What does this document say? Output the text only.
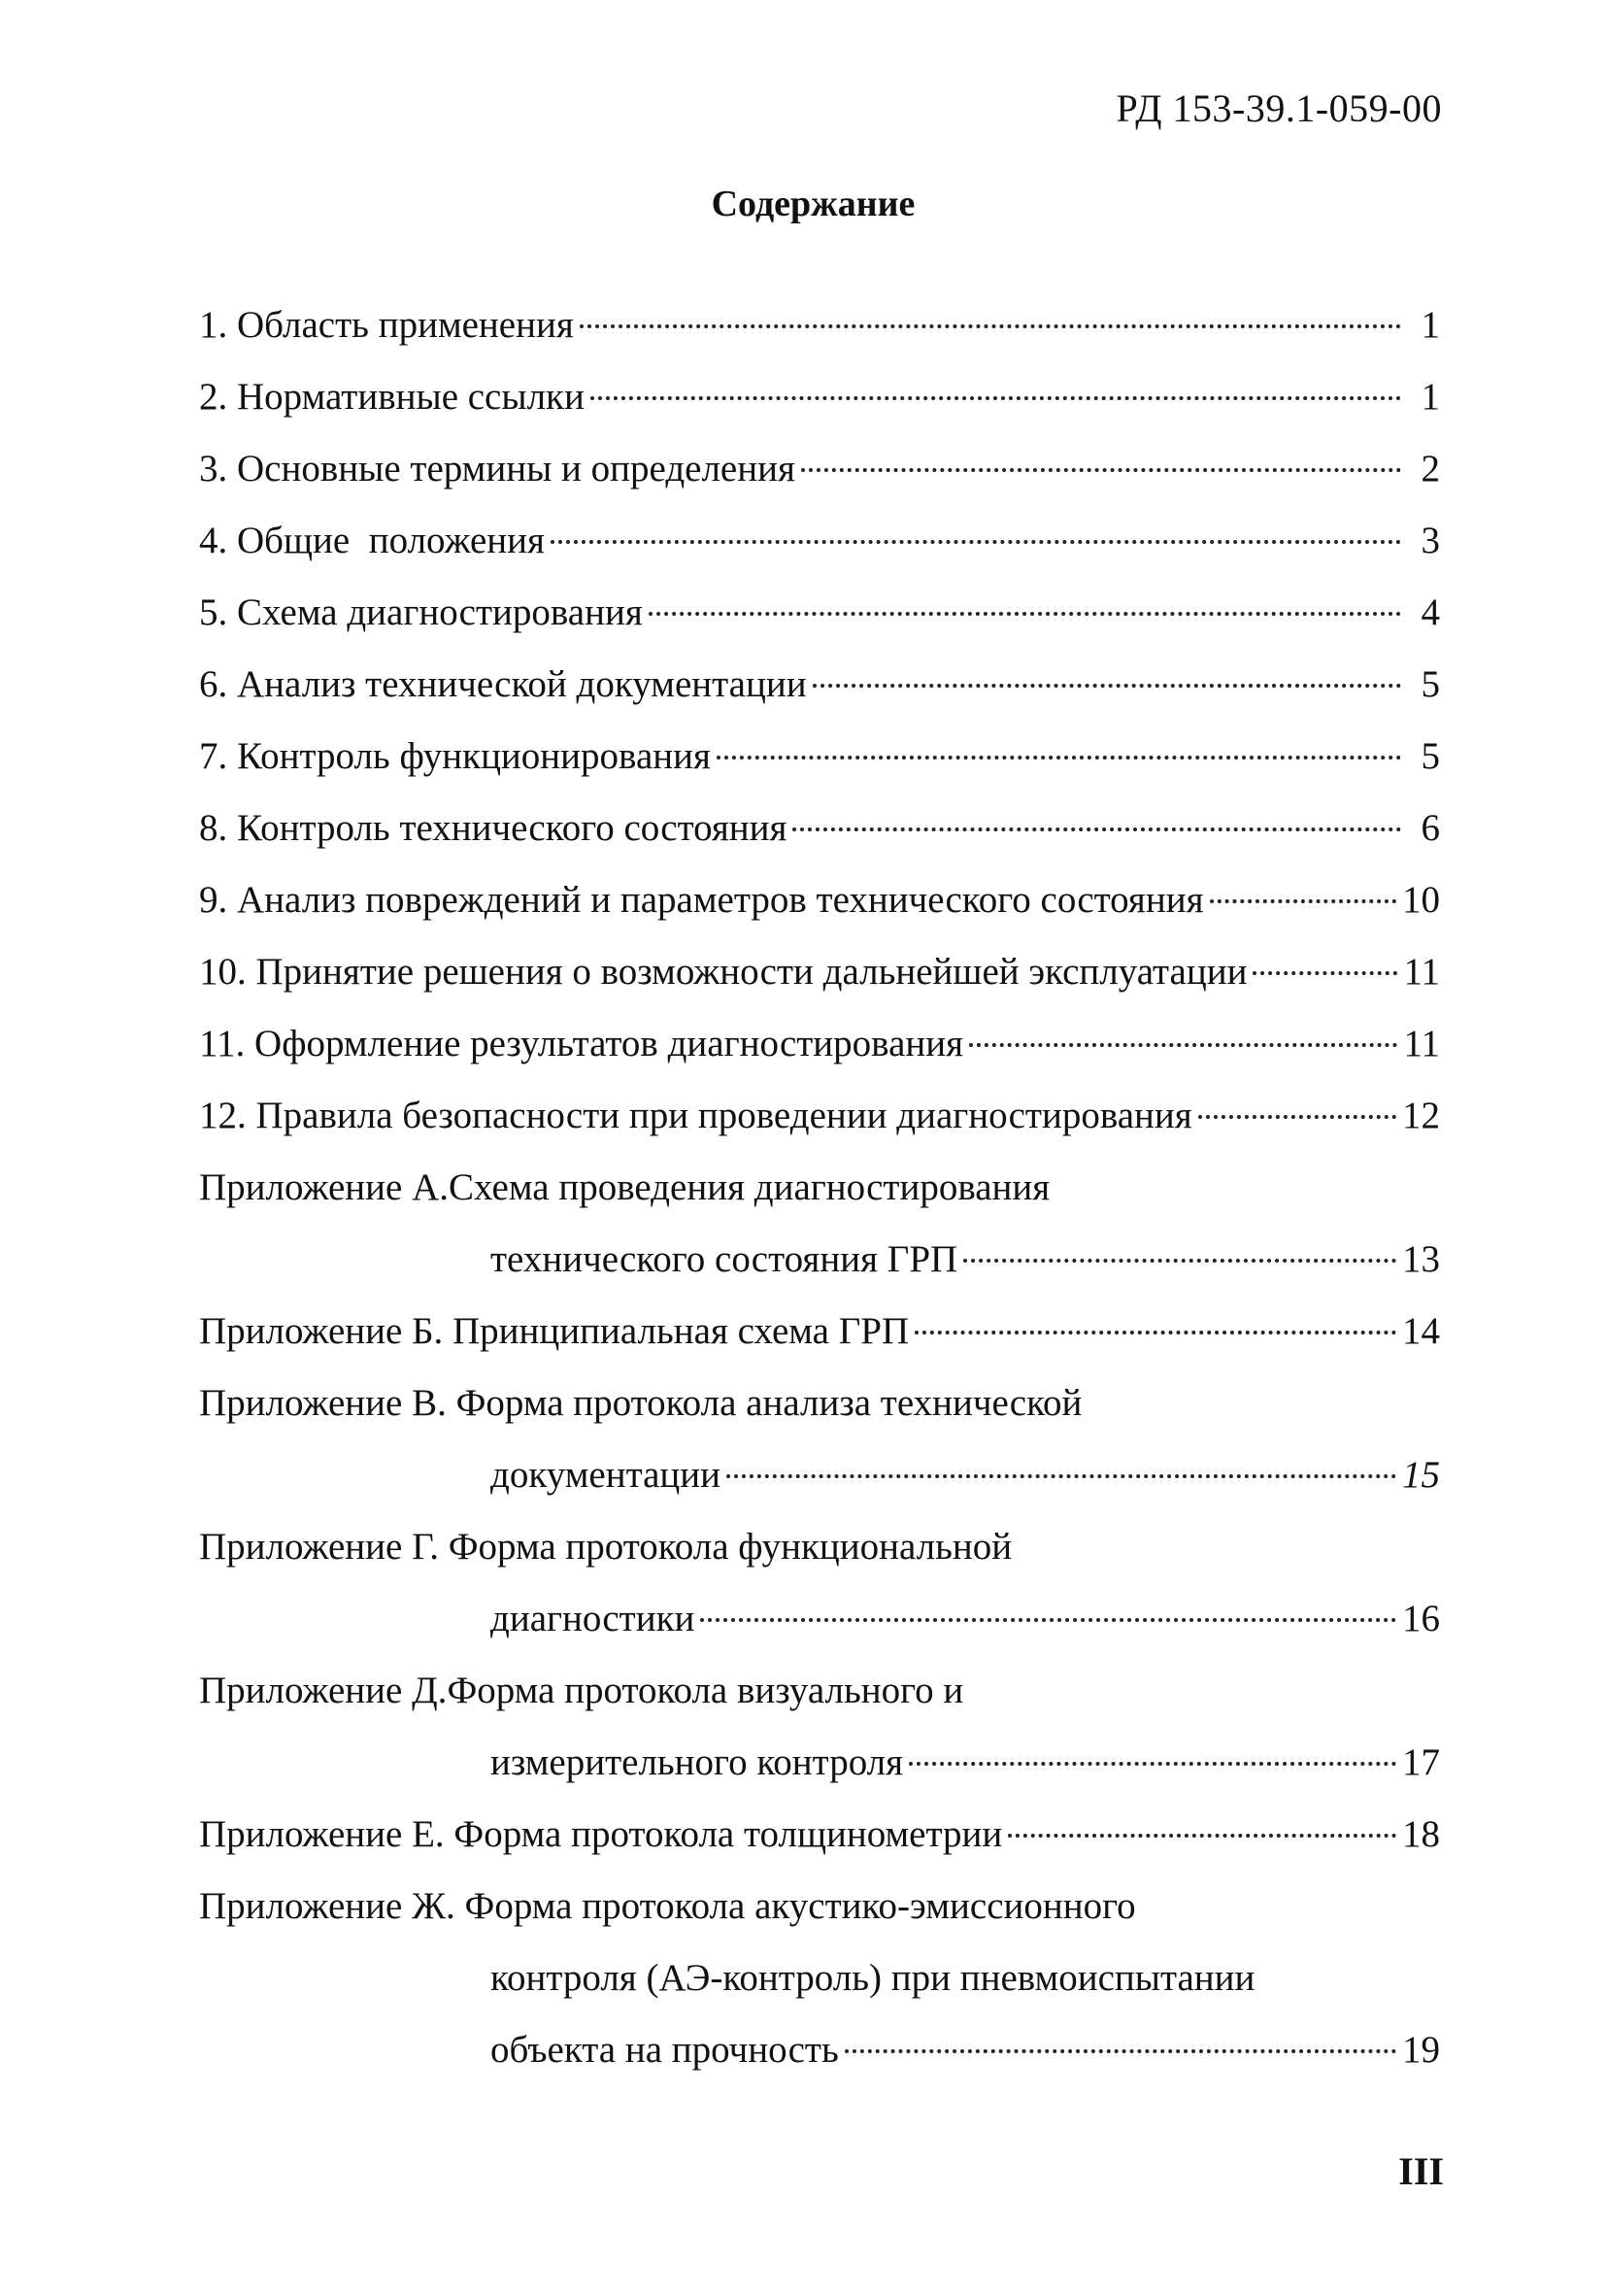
РД 153-39.1-059-00
Содержание
1. Область применения	1
2. Нормативные ссылки	1
3. Основные термины и определения	2
4. Общие  положения	3
5. Схема диагностирования	4
6. Анализ технической документации	5
7. Контроль функционирования	5
8. Контроль технического состояния	6
9. Анализ повреждений и параметров технического состояния	10
10. Принятие решения о возможности дальнейшей эксплуатации	11
11. Оформление результатов диагностирования	11
12. Правила безопасности при проведении диагностирования	12
Приложение А. Схема проведения диагностирования
технического состояния ГРП	13
Приложение Б. Принципиальная схема ГРП	14
Приложение В.
Форма протокола анализа технической
документации	15
Приложение Г.
Форма протокола функциональной
диагностики	16
Приложение Д. Форма протокола визуального и
измерительного контроля	17
Приложение Е. Форма протокола толщинометрии	18
Приложение Ж.
Форма протокола акустико-эмиссионного
контроля (АЭ-контроль) при пневмоиспытании
объекта на прочность	19
III
